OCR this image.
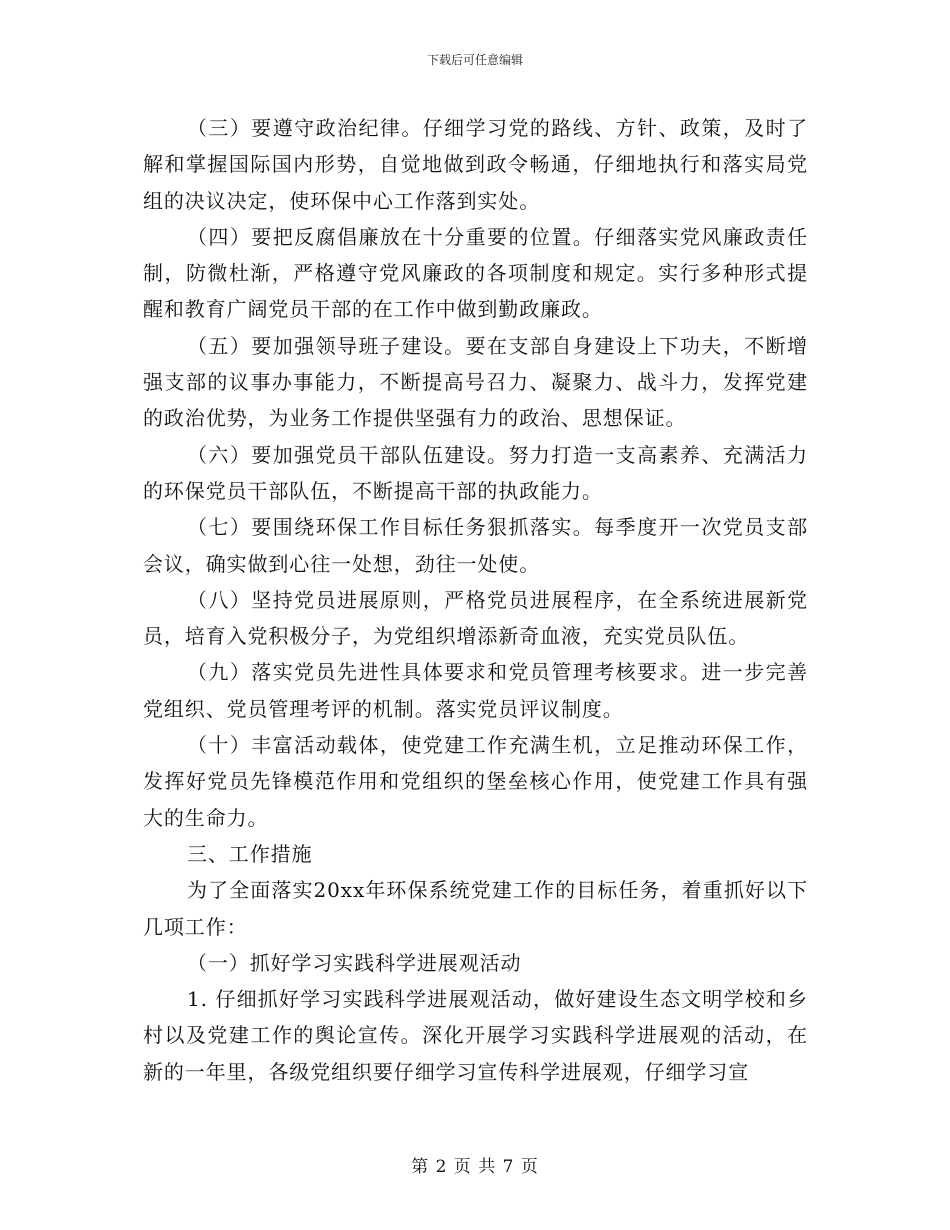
下载后可任意编辑

（三）要遵守政治纪律。仔细学习党的路线、方针、政策，及时了解和掌握国际国内形势，自觉地做到政令畅通，仔细地执行和落实局党组的决议决定，使环保中心工作落到实处。

（四）要把反腐倡廉放在十分重要的位置。仔细落实党风廉政责任制，防微杜渐，严格遵守党风廉政的各项制度和规定。实行多种形式提醒和教育广阔党员干部的在工作中做到勤政廉政。

（五）要加强领导班子建设。要在支部自身建设上下功夫，不断增强支部的议事办事能力，不断提高号召力、凝聚力、战斗力，发挥党建的政治优势，为业务工作提供坚强有力的政治、思想保证。

（六）要加强党员干部队伍建设。努力打造一支高素养、充满活力的环保党员干部队伍，不断提高干部的执政能力。

（七）要围绕环保工作目标任务狠抓落实。每季度开一次党员支部会议，确实做到心往一处想，劲往一处使。

（八）坚持党员进展原则，严格党员进展程序，在全系统进展新党员，培育入党积极分子，为党组织增添新奇血液，充实党员队伍。

（九）落实党员先进性具体要求和党员管理考核要求。进一步完善党组织、党员管理考评的机制。落实党员评议制度。

（十）丰富活动载体，使党建工作充满生机，立足推动环保工作，发挥好党员先锋模范作用和党组织的堡垒核心作用，使党建工作具有强大的生命力。

三、工作措施

为了全面落实20xx年环保系统党建工作的目标任务，着重抓好以下几项工作：

（一）抓好学习实践科学进展观活动

1. 仔细抓好学习实践科学进展观活动，做好建设生态文明学校和乡村以及党建工作的舆论宣传。深化开展学习实践科学进展观的活动，在新的一年里，各级党组织要仔细学习宣传科学进展观，仔细学习宣

第 2 页 共 7 页
